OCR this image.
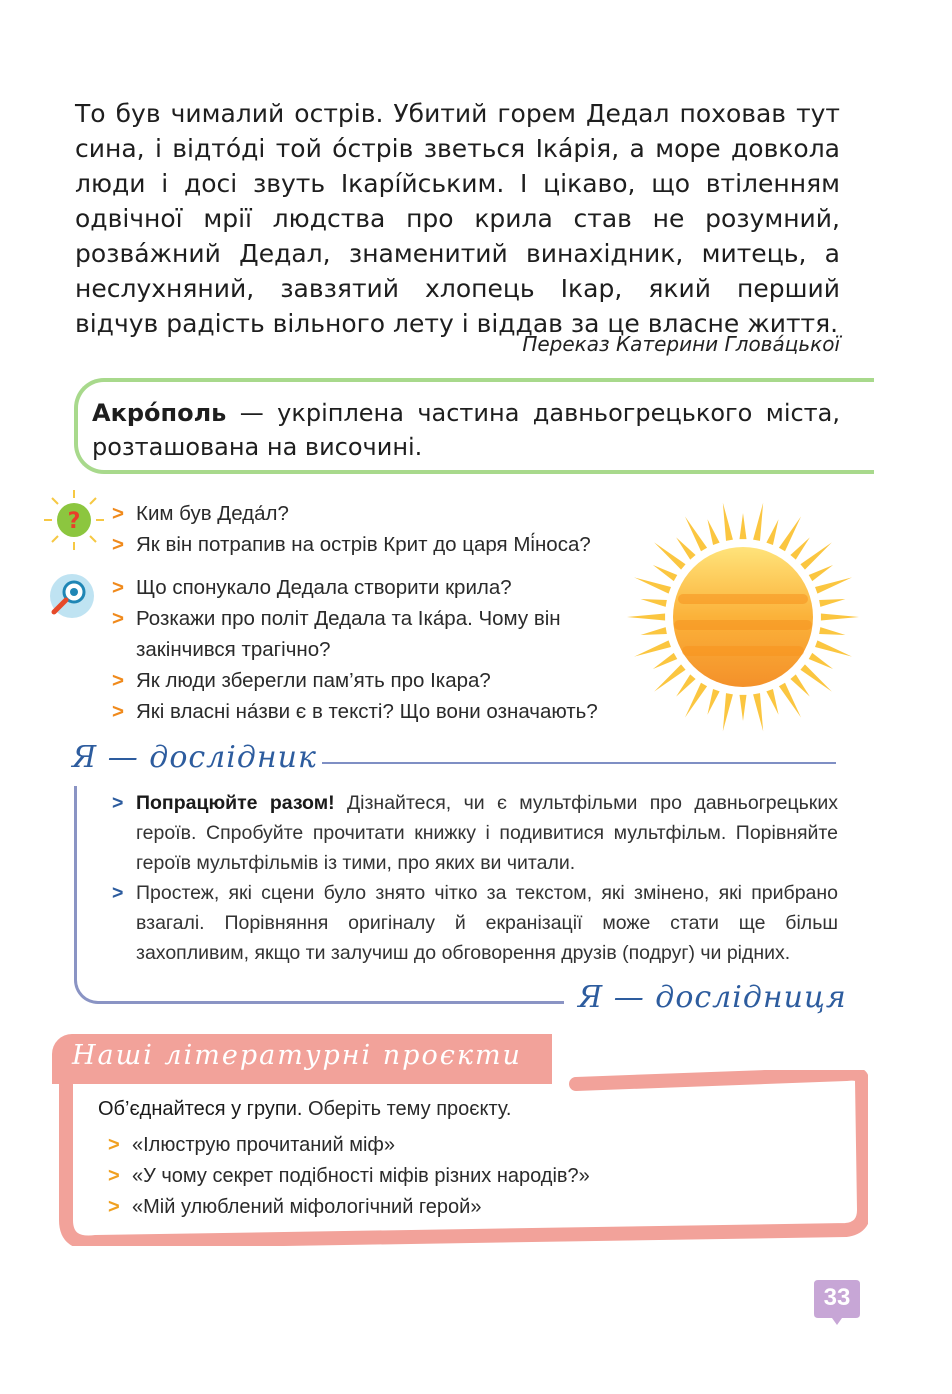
То був чималий острів. Убитий горем Дедал поховав тут сина, і відто́ді той о́стрів зветься Іка́рія, а море довкола люди і досі звуть Ікарі́йським. І цікаво, що втіленням одвічної мрії людства про крила став не розумний, розва́жний Дедал, знаменитий винахідник, митець, а неслухняний, завзятий хлопець Ікар, який перший відчув радість вільного лету і віддав за це власне життя.

Переказ Катерини Глова́цької
Акро́поль — укріплена частина давньогрецького міста, розташована на височині.
? > Ким був Деда́л?
> Як він потрапив на острів Крит до царя Мі́носа?
> Що спонукало Дедала створити крила?
> Розкажи про політ Дедала та Іка́ра. Чому він закінчився трагічно?
> Як люди зберегли пам’ять про Ікара?
> Які власні на́зви є в тексті? Що вони означають?
Я — дослідник
> Попрацюйте разом! Дізнайтеся, чи є мультфільми про давньогрецьких героїв. Спробуйте прочитати книжку і подивитися мультфільм. Порівняйте героїв мультфільмів із тими, про яких ви читали.
> Простеж, які сцени було знято чітко за текстом, які змінено, які прибрано взагалі. Порівняння оригіналу й екранізації може стати ще більш захопливим, якщо ти залучиш до обговорення друзів (подруг) чи рідних.
Я — дослідниця
Наші літературні проєкти
Об’єднайтеся у групи. Оберіть тему проєкту.
> «Ілюструю прочитаний міф»
> «У чому секрет подібності міфів різних народів?»
> «Мій улюблений міфологічний герой»
33
